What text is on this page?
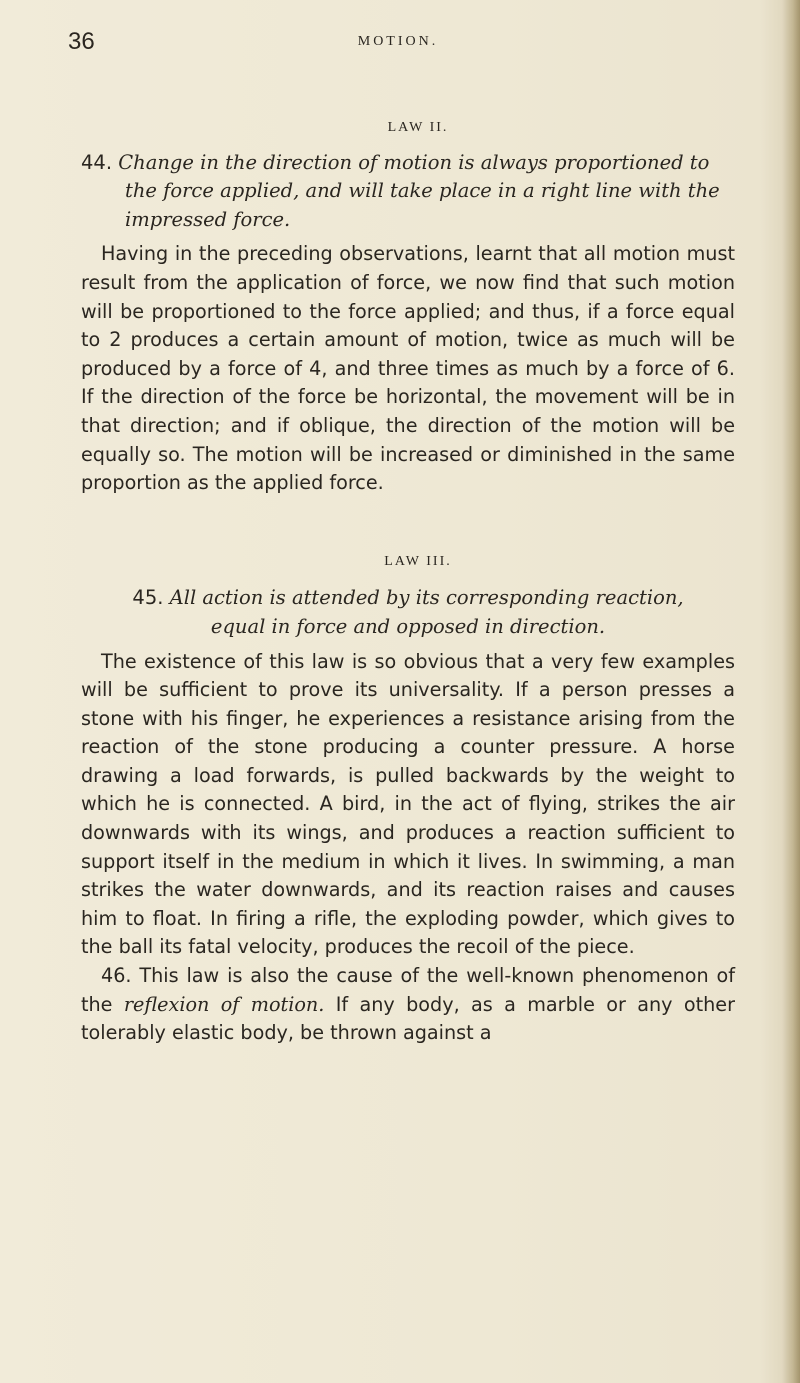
36	MOTION.
LAW II.

44. Change in the direction of motion is always proportioned to the force applied, and will take place in a right line with the impressed force.

Having in the preceding observations, learnt that all motion must result from the application of force, we now find that such motion will be proportioned to the force applied; and thus, if a force equal to 2 produces a certain amount of motion, twice as much will be produced by a force of 4, and three times as much by a force of 6. If the direction of the force be horizontal, the movement will be in that direction; and if oblique, the direction of the motion will be equally so. The motion will be increased or diminished in the same proportion as the applied force.

LAW III.

45. All action is attended by its corresponding reaction,
equal in force and opposed in direction.

The existence of this law is so obvious that a very few examples will be sufficient to prove its universality. If a person presses a stone with his finger, he experiences a resistance arising from the reaction of the stone producing a counter pressure. A horse drawing a load forwards, is pulled backwards by the weight to which he is connected. A bird, in the act of flying, strikes the air downwards with its wings, and produces a reaction sufficient to support itself in the medium in which it lives. In swimming, a man strikes the water downwards, and its reaction raises and causes him to float. In firing a rifle, the exploding powder, which gives to the ball its fatal velocity, produces the recoil of the piece.

46. This law is also the cause of the well-known phenomenon of the reflexion of motion. If any body, as a marble or any other tolerably elastic body, be thrown against a
